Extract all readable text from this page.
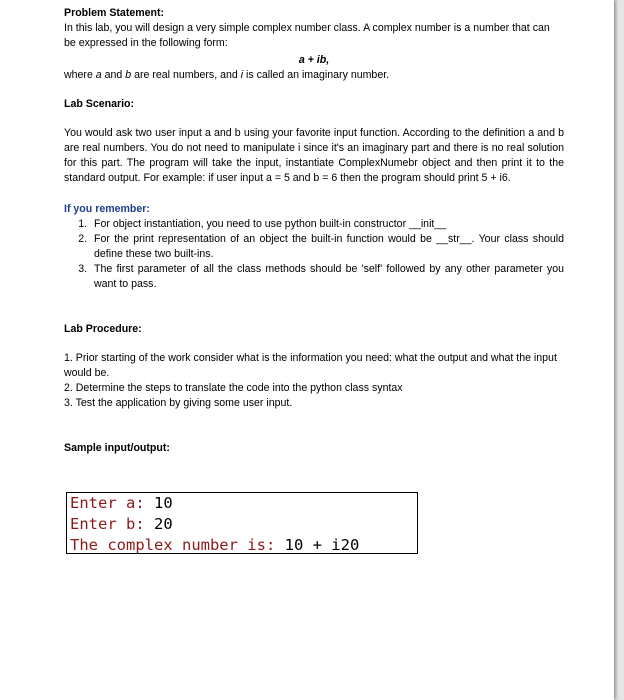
Problem Statement:

In this lab, you will design a very simple complex number class. A complex number is a number that can be expressed in the following form:

a + ib,

where a and b are real numbers, and i is called an imaginary number.

Lab Scenario:

You would ask two user input a and b using your favorite input function. According to the definition a and b are real numbers. You do not need to manipulate i since it's an imaginary part and there is no real solution for this part. The program will take the input, instantiate ComplexNumebr object and then print it to the standard output. For example: if user input a = 5 and b = 6 then the program should print 5 + i6.

If you remember:

1. For object instantiation, you need to use python built-in constructor __init__
2. For the print representation of an object the built-in function would be __str__. Your class should define these two built-ins.
3. The first parameter of all the class methods should be 'self' followed by any other parameter you want to pass.

Lab Procedure:

1. Prior starting of the work consider what is the information you need: what the output and what the input would be.

2. Determine the steps to translate the code into the python class syntax

3. Test the application by giving some user input.

Sample input/output:

Enter a: 10
Enter b: 20
The complex number is: 10 + i20
